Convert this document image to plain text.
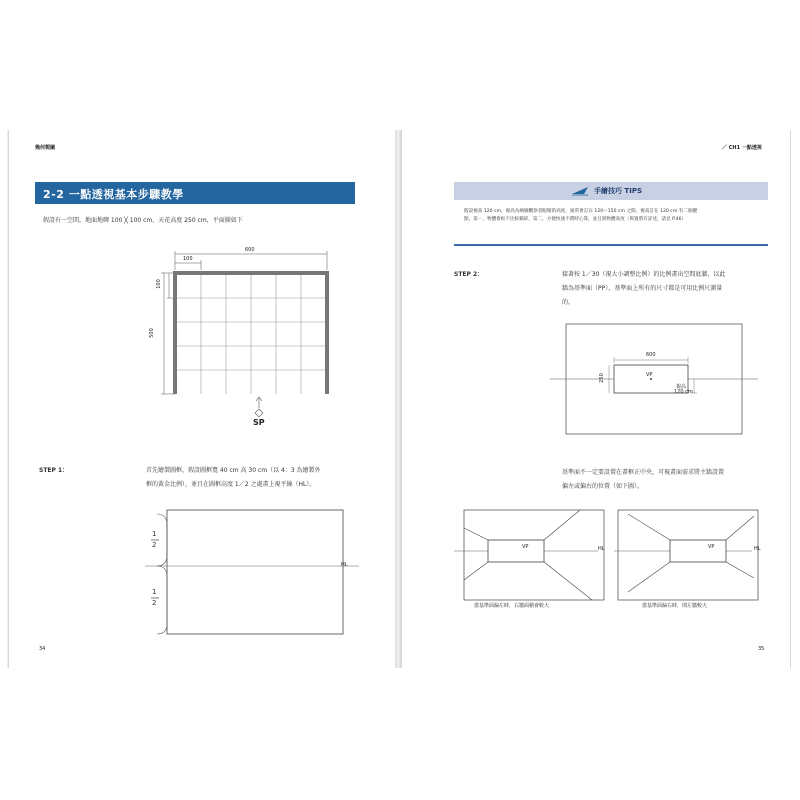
幾何製圖
2-2 一點透視基本步驟教學
假設有一空間，地面地磚 100 ╳ 100 cm、天花高度 250 cm，平面圖如下
600
100
100
500
SP
STEP 1：	首先繪製圖框，假設圖框寬 40 cm 高 30 cm（以 4：3 為繪製外
框的黃金比例），並且在圖框高度 1／2 之處畫上視平線（HL）。
1
2
1
2
HL
34
／ CH1 一點透視
手繪技巧 TIPS
假設視高 120 cm，視高為繪圖觀察者眼睛的高度，通常會訂在 120～150 cm 之間，視高訂在 120 cm 有二個優
點，第一，物體會較不比較鎖碎，第二，方便快速不費時心算，並且與物體高度（佈置將有詳述，請見 P.46）
STEP 2：	接著按 1／30（視大小調整比例）的比例畫出空間底牆，以此
牆為基準面（PP），基準面上所有的尺寸都是可用比例尺測量
的。
600
250	VP
視高
120 cm
基準面不一定要設置在畫框正中央，可視畫面需求將主牆設置
偏左或偏右的位置（如下圖）。
VP	HL
當基準面偏左時，右牆面積會較大
VP	HL
當基準面偏右時，則左牆較大
35
